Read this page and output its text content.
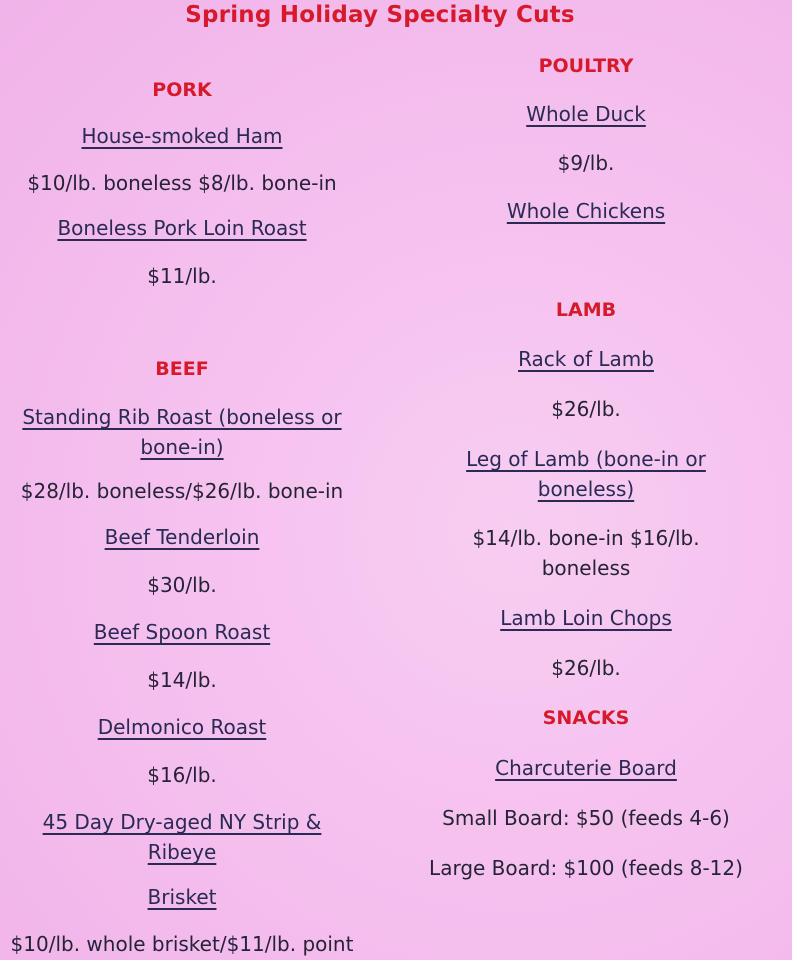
Spring Holiday Specialty Cuts
PORK
House-smoked Ham
$10/lb. boneless $8/lb. bone-in
Boneless Pork Loin Roast
$11/lb.
BEEF
Standing Rib Roast (boneless or bone-in)
$28/lb. boneless/$26/lb. bone-in
Beef Tenderloin
$30/lb.
Beef Spoon Roast
$14/lb.
Delmonico Roast
$16/lb.
45 Day Dry-aged NY Strip & Ribeye
Brisket
$10/lb. whole brisket/$11/lb. point
POULTRY
Whole Duck
$9/lb.
Whole Chickens
LAMB
Rack of Lamb
$26/lb.
Leg of Lamb (bone-in or boneless)
$14/lb. bone-in $16/lb. boneless
Lamb Loin Chops
$26/lb.
SNACKS
Charcuterie Board
Small Board: $50 (feeds 4-6)
Large Board: $100 (feeds 8-12)
